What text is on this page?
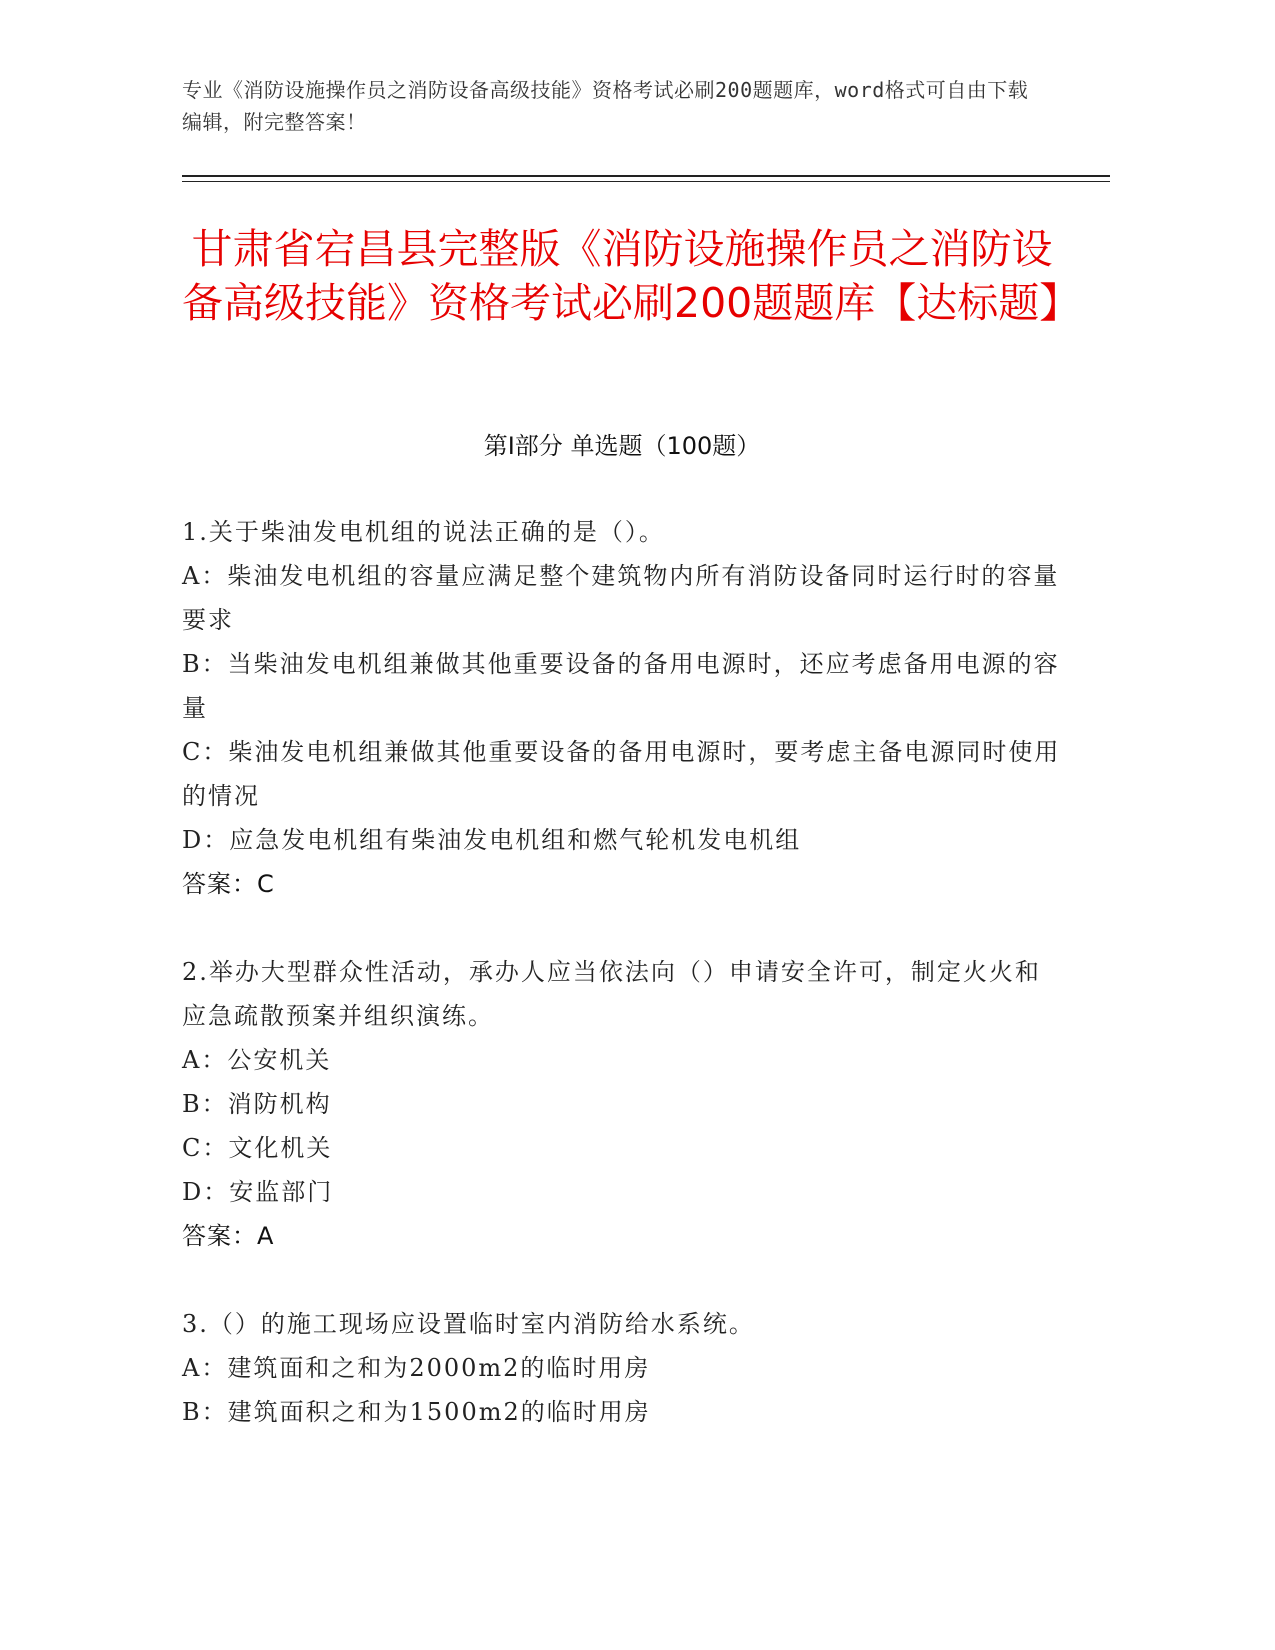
专业《消防设施操作员之消防设备高级技能》资格考试必刷200题题库，word格式可自由下载编辑，附完整答案！
甘肃省宕昌县完整版《消防设施操作员之消防设备高级技能》资格考试必刷200题题库【达标题】
第Ⅰ部分 单选题（100题）
1.关于柴油发电机组的说法正确的是（）。
A：柴油发电机组的容量应满足整个建筑物内所有消防设备同时运行时的容量要求
B：当柴油发电机组兼做其他重要设备的备用电源时，还应考虑备用电源的容量
C：柴油发电机组兼做其他重要设备的备用电源时，要考虑主备电源同时使用的情况
D：应急发电机组有柴油发电机组和燃气轮机发电机组
答案：C
2.举办大型群众性活动，承办人应当依法向（）申请安全许可，制定火火和应急疏散预案并组织演练。
A：公安机关
B：消防机构
C：文化机关
D：安监部门
答案：A
3.（）的施工现场应设置临时室内消防给水系统。
A：建筑面和之和为2000m2的临时用房
B：建筑面积之和为1500m2的临时用房
